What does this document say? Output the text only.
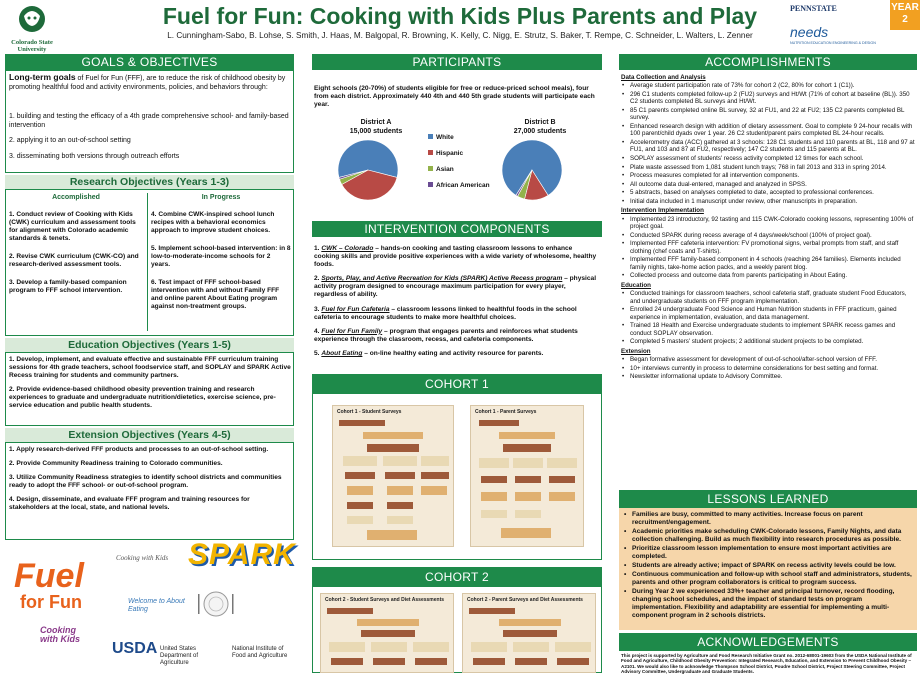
Colorado State University
Fuel for Fun: Cooking with Kids Plus Parents and Play
L. Cunningham-Sabo, B. Lohse, S. Smith, J. Haas, M. Balgopal, R. Browning, K. Kelly, C. Nigg, E. Strutz, S. Baker, T. Rempe, C. Schneider, L. Walters, L. Zenner
PENNSTATE
needs
NUTRITION EDUCATION ENGINEERING & DESIGN
YEAR 2
GOALS & OBJECTIVES
Long-term goals of Fuel for Fun (FFF), are to reduce the risk of childhood obesity by promoting healthful food and activity environments, policies, and behaviors through:
1. building and testing the efficacy of a 4th grade comprehensive school- and family-based intervention
2. applying it to an out-of-school setting
3. disseminating both versions through outreach efforts
Research Objectives (Years 1-3)
Accomplished	In Progress
1. Conduct review of Cooking with Kids (CWK) curriculum and assessment tools for alignment with Colorado academic standards & tenets.
2. Revise CWK curriculum (CWK-CO) and research-derived assessment tools.
3. Develop a family-based companion program to FFF school intervention.
4. Combine CWK-inspired school lunch recipes with a behavioral economics approach to improve student choices.
5. Implement school-based intervention: in 8 low-to-moderate-income schools for 2 years.
6. Test impact of FFF school-based intervention with and without Family FFF and online parent About Eating program against non-treatment groups.
Education Objectives (Years 1-5)
1. Develop, implement, and evaluate effective and sustainable FFF curriculum training sessions for 4th grade teachers, school foodservice staff, and SOPLAY and SPARK Active Recess training for students and community partners.
2. Provide evidence-based childhood obesity prevention training and research experiences to graduate and undergraduate nutrition/dietetics, exercise science, pre-service education and public health students.
Extension Objectives (Years 4-5)
1. Apply research-derived FFF products and processes to an out-of-school setting.
2. Provide Community Readiness training to Colorado communities.
3. Utilize Community Readiness strategies to identify school districts and communities ready to adopt the FFF school- or out-of-school program.
4. Design, disseminate, and evaluate FFF program and training resources for stakeholders at the local, state, and national levels.
Fuel
for Fun
Cooking with Kids
Cooking with Kids SPARK
Welcome to About Eating
USDA United States Department of Agriculture
National Institute of Food and Agriculture
PARTICIPANTS
Eight schools (20-70%) of students eligible for free or reduce-priced school meals), four from each district. Approximately 440 4th and 440 5th grade students will participate each year.
District A
15,000 students
District B
27,000 students
White
Hispanic
Asian
African American
INTERVENTION COMPONENTS
1. CWK – Colorado – hands-on cooking and tasting classroom lessons to enhance cooking skills and provide positive experiences with a wide variety of wholesome, healthy foods.
2. Sports, Play, and Active Recreation for Kids (SPARK) Active Recess program – physical activity program designed to encourage maximum participation for every player, regardless of ability.
3. Fuel for Fun Cafeteria – classroom lessons linked to healthful foods in the school cafeteria to encourage students to make more healthful choices.
4. Fuel for Fun Family – program that engages parents and reinforces what students experience through the classroom, recess, and cafeteria components.
5. About Eating – on-line healthy eating and activity resource for parents.
COHORT 1
Cohort 1 - Student Surveys	Cohort 1 - Parent Surveys
COHORT 2
Cohort 2 - Student Surveys and Diet Assessments	Cohort 2 - Parent Surveys and Diet Assessments
ACCOMPLISHMENTS
Data Collection and Analysis
• Average student participation rate of 73% for cohort 2 (C2, 80% for cohort 1 (C1)).
• 296 C1 students completed follow-up 2 (FU2) surveys and Ht/Wt (71% of cohort at baseline (BL)). 350 C2 students completed BL surveys and Ht/Wt.
• 85 C1 parents completed online BL survey, 32 at FU1, and 22 at FU2; 135 C2 parents completed BL survey.
• Enhanced research design with addition of dietary assessment. Goal to complete 9 24-hour recalls with 100 parent/child dyads over 1 year. 26 C2 student/parent pairs completed BL 24-hour recalls.
• Accelerometry data (ACC) gathered at 3 schools: 128 C1 students and 110 parents at BL, 118 and 97 at FU1, and 103 and 87 at FU2, respectively; 147 C2 students and 115 parents at BL.
• SOPLAY assessment of students' recess activity completed 12 times for each school.
• Plate waste assessed from 1,081 student lunch trays; 768 in fall 2013 and 313 in spring 2014.
• Process measures completed for all intervention components.
• All outcome data dual-entered, managed and analyzed in SPSS.
• 5 abstracts, based on analyses completed to date, accepted to professional conferences.
• Initial data included in 1 manuscript under review, other manuscripts in preparation.
Intervention Implementation
• Implemented 23 introductory, 92 tasting and 115 CWK-Colorado cooking lessons, representing 100% of project goal.
• Conducted SPARK during recess average of 4 days/week/school (100% of project goal).
• Implemented FFF cafeteria intervention: FV promotional signs, verbal prompts from staff, and staff clothing (chef coats and T-shirts).
• Implemented FFF family-based component in 4 schools (reaching 264 families). Elements included family nights, take-home action packs, and a weekly parent blog.
• Collected process and outcome data from parents participating in About Eating.
Education
• Conducted trainings for classroom teachers, school cafeteria staff, graduate student Food Educators, and undergraduate students on FFF program implementation.
• Enrolled 24 undergraduate Food Science and Human Nutrition students in FFF practicum, gained experience in implementation, evaluation, and data management.
• Trained 18 Health and Exercise undergraduate students to implement SPARK recess games and conduct SOPLAY observation.
• Completed 5 masters' student projects; 2 additional student projects to be completed.
Extension
• Began formative assessment for development of out-of-school/after-school version of FFF.
• 10+ interviews currently in process to determine considerations for best setting and format.
• Newsletter informational update to Advisory Committee.
LESSONS LEARNED
• Families are busy, committed to many activities. Increase focus on parent recruitment/engagement.
• Academic priorities make scheduling CWK-Colorado lessons, Family Nights, and data collection challenging. Build as much flexibility into research procedures as possible.
• Prioritize classroom lesson implementation to ensure most important activities are completed.
• Students are already active; impact of SPARK on recess activity levels could be low.
• Continuous communication and follow-up with school staff and administrators, students, parents and other program collaborators is critical to program success.
• During Year 2 we experienced 33%+ teacher and principal turnover, record flooding, changing school schedules, and the impact of standard tests on program implementation. Flexibility and adaptability are essential for implementing a multi-component program in 2 schools districts.
ACKNOWLEDGEMENTS
This project is supported by Agriculture and Food Research Initiative Grant no. 2012-68001-19603 from the USDA National Institute of Food and Agriculture, Childhood Obesity Prevention: Integrated Research, Education, and Extension to Prevent Childhood Obesity – A2101. We would also like to acknowledge Thompson School District, Poudre School District, Project Steering Committee, Project Advisory Committee, Undergraduate and Graduate Students.
